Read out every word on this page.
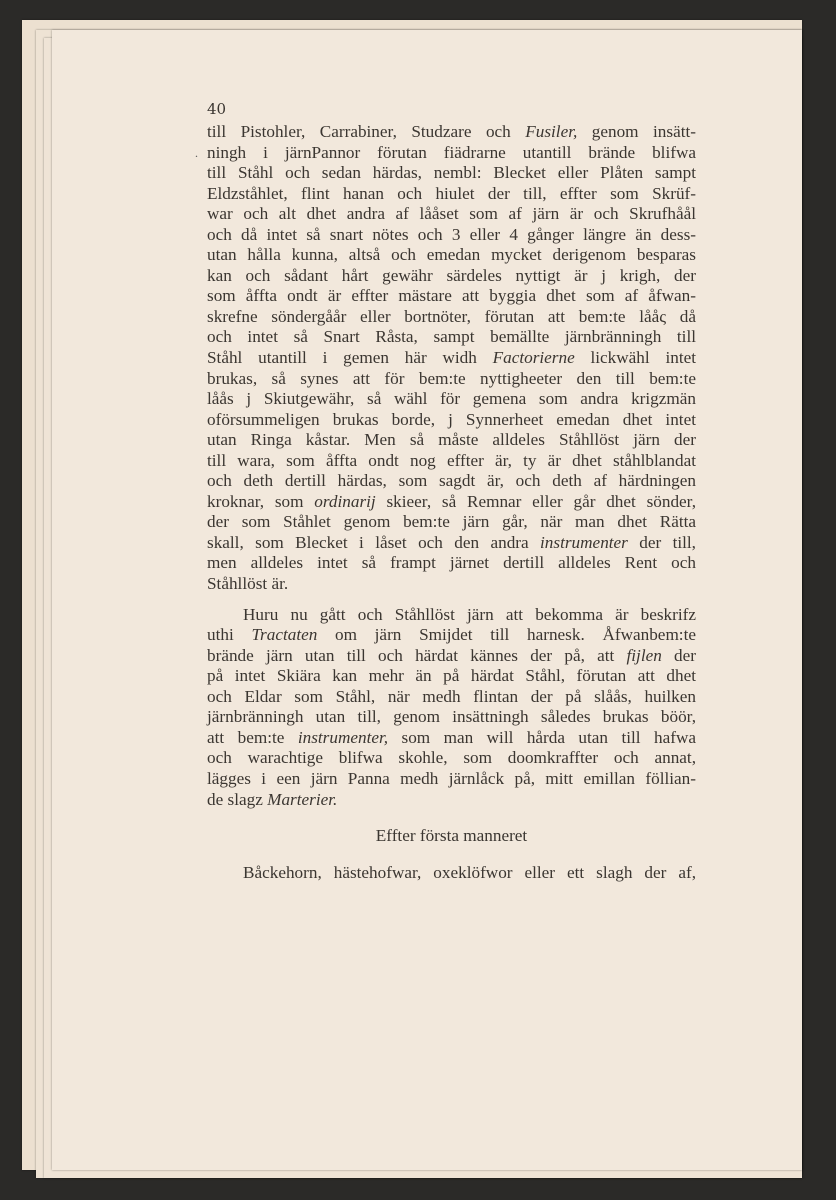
40
till Pistohler, Carrabiner, Studzare och Fusiler, genom insätt-
. ningh i järnPannor förutan fiädrarne utantill brände blifwa
till Ståhl och sedan härdas, nembl: Blecket eller Plåten sampt
Eldzståhlet, flint hanan och hiulet der till, effter som Skrüf-
war och alt dhet andra af lååset som af järn är och Skrufhåål
och då intet så snart nötes och 3 eller 4 gånger längre än dess-
utan hålla kunna, altså och emedan mycket derigenom besparas
kan och sådant hårt gewähr särdeles nyttigt är j krigh, der
som åffta ondt är effter mästare att byggia dhet som af åfwan-
skrefne söndergåår eller bortnöter, förutan att bem:te lååς då
och intet så Snart Råsta, sampt bemällte järnbränningh till
Ståhl utantill i gemen här widh Factorierne lickwähl intet
brukas, så synes att för bem:te nyttigheeter den till bem:te
låås j Skiutgewähr, så wähl för gemena som andra krigzmän
oförsummeligen brukas borde, j Synnerheet emedan dhet intet
utan Ringa kåstar. Men så måste alldeles Ståhllöst järn der
till wara, som åffta ondt nog effter är, ty är dhet ståhlblandat
och deth dertill härdas, som sagdt är, och deth af härdningen
kroknar, som ordinarij skieer, så Remnar eller går dhet sönder,
der som Ståhlet genom bem:te järn går, när man dhet Rätta
skall, som Blecket i låset och den andra instrumenter der till,
men alldeles intet så frampt järnet dertill alldeles Rent och
Ståhllöst är.
Huru nu gått och Ståhllöst järn att bekomma är beskrifz
uthi Tractaten om järn Smijdet till harnesk. Åfwanbem:te
brände järn utan till och härdat kännes der på, att fijlen der
på intet Skiära kan mehr än på härdat Ståhl, förutan att dhet
och Eldar som Ståhl, när medh flintan der på slåås, huilken
järnbränningh utan till, genom insättningh således brukas böör,
att bem:te instrumenter, som man will hårda utan till hafwa
och warachtige blifwa skohle, som doomkraffter och annat,
lägges i een järn Panna medh järnlåck på, mitt emillan föllian-
de slagz Marterier.
Effter första manneret
Båckehorn, hästehofwar, oxeklöfwor eller ett slagh der af,
